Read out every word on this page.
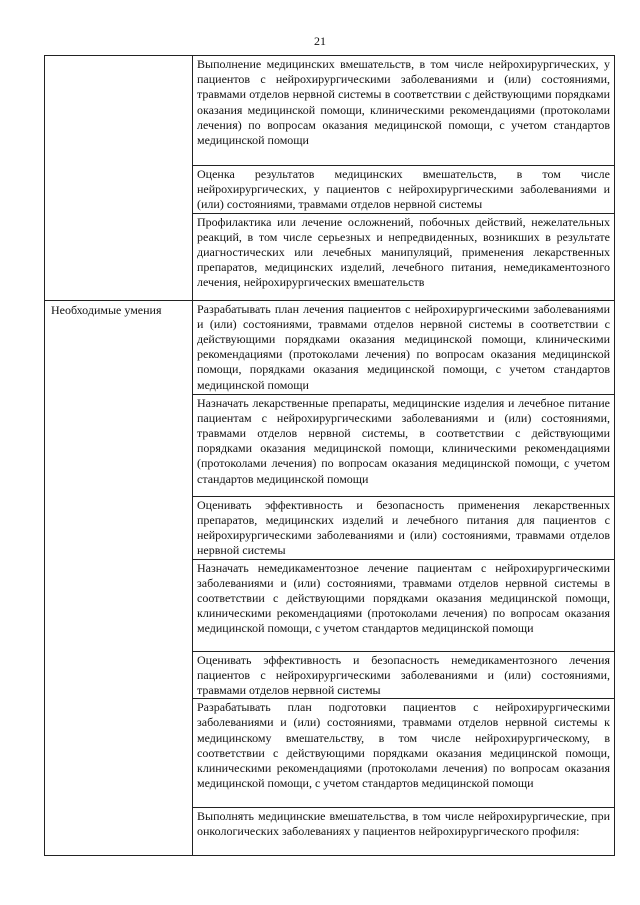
21

	Выполнение медицинских вмешательств, в том числе нейрохирургических, у пациентов с нейрохирургическими заболеваниями и (или) состояниями, травмами отделов нервной системы в соответствии с действующими порядками оказания медицинской помощи, клиническими рекомендациями (протоколами лечения) по вопросам оказания медицинской помощи, с учетом стандартов медицинской помощи

	Оценка результатов медицинских вмешательств, в том числе нейрохирургических, у пациентов с нейрохирургическими заболеваниями и (или) состояниями, травмами отделов нервной системы

	Профилактика или лечение осложнений, побочных действий, нежелательных реакций, в том числе серьезных и непредвиденных, возникших в результате диагностических или лечебных манипуляций, применения лекарственных препаратов, медицинских изделий, лечебного питания, немедикаментозного лечения, нейрохирургических вмешательств

Необходимые умения	Разрабатывать план лечения пациентов с нейрохирургическими заболеваниями и (или) состояниями, травмами отделов нервной системы в соответствии с действующими порядками оказания медицинской помощи, клиническими рекомендациями (протоколами лечения) по вопросам оказания медицинской помощи, порядками оказания медицинской помощи, с учетом стандартов медицинской помощи

	Назначать лекарственные препараты, медицинские изделия и лечебное питание пациентам с нейрохирургическими заболеваниями и (или) состояниями, травмами отделов нервной системы, в соответствии с действующими порядками оказания медицинской помощи, клиническими рекомендациями (протоколами лечения) по вопросам оказания медицинской помощи, с учетом стандартов медицинской помощи

	Оценивать эффективность и безопасность применения лекарственных препаратов, медицинских изделий и лечебного питания для пациентов с нейрохирургическими заболеваниями и (или) состояниями, травмами отделов нервной системы

	Назначать немедикаментозное лечение пациентам с нейрохирургическими заболеваниями и (или) состояниями, травмами отделов нервной системы в соответствии с действующими порядками оказания медицинской помощи, клиническими рекомендациями (протоколами лечения) по вопросам оказания медицинской помощи, с учетом стандартов медицинской помощи

	Оценивать эффективность и безопасность немедикаментозного лечения пациентов с нейрохирургическими заболеваниями и (или) состояниями, травмами отделов нервной системы

	Разрабатывать план подготовки пациентов с нейрохирургическими заболеваниями и (или) состояниями, травмами отделов нервной системы к медицинскому вмешательству, в том числе нейрохирургическому, в соответствии с действующими порядками оказания медицинской помощи, клиническими рекомендациями (протоколами лечения) по вопросам оказания медицинской помощи, с учетом стандартов медицинской помощи

	Выполнять медицинские вмешательства, в том числе нейрохирургические, при онкологических заболеваниях у пациентов нейрохирургического профиля:
